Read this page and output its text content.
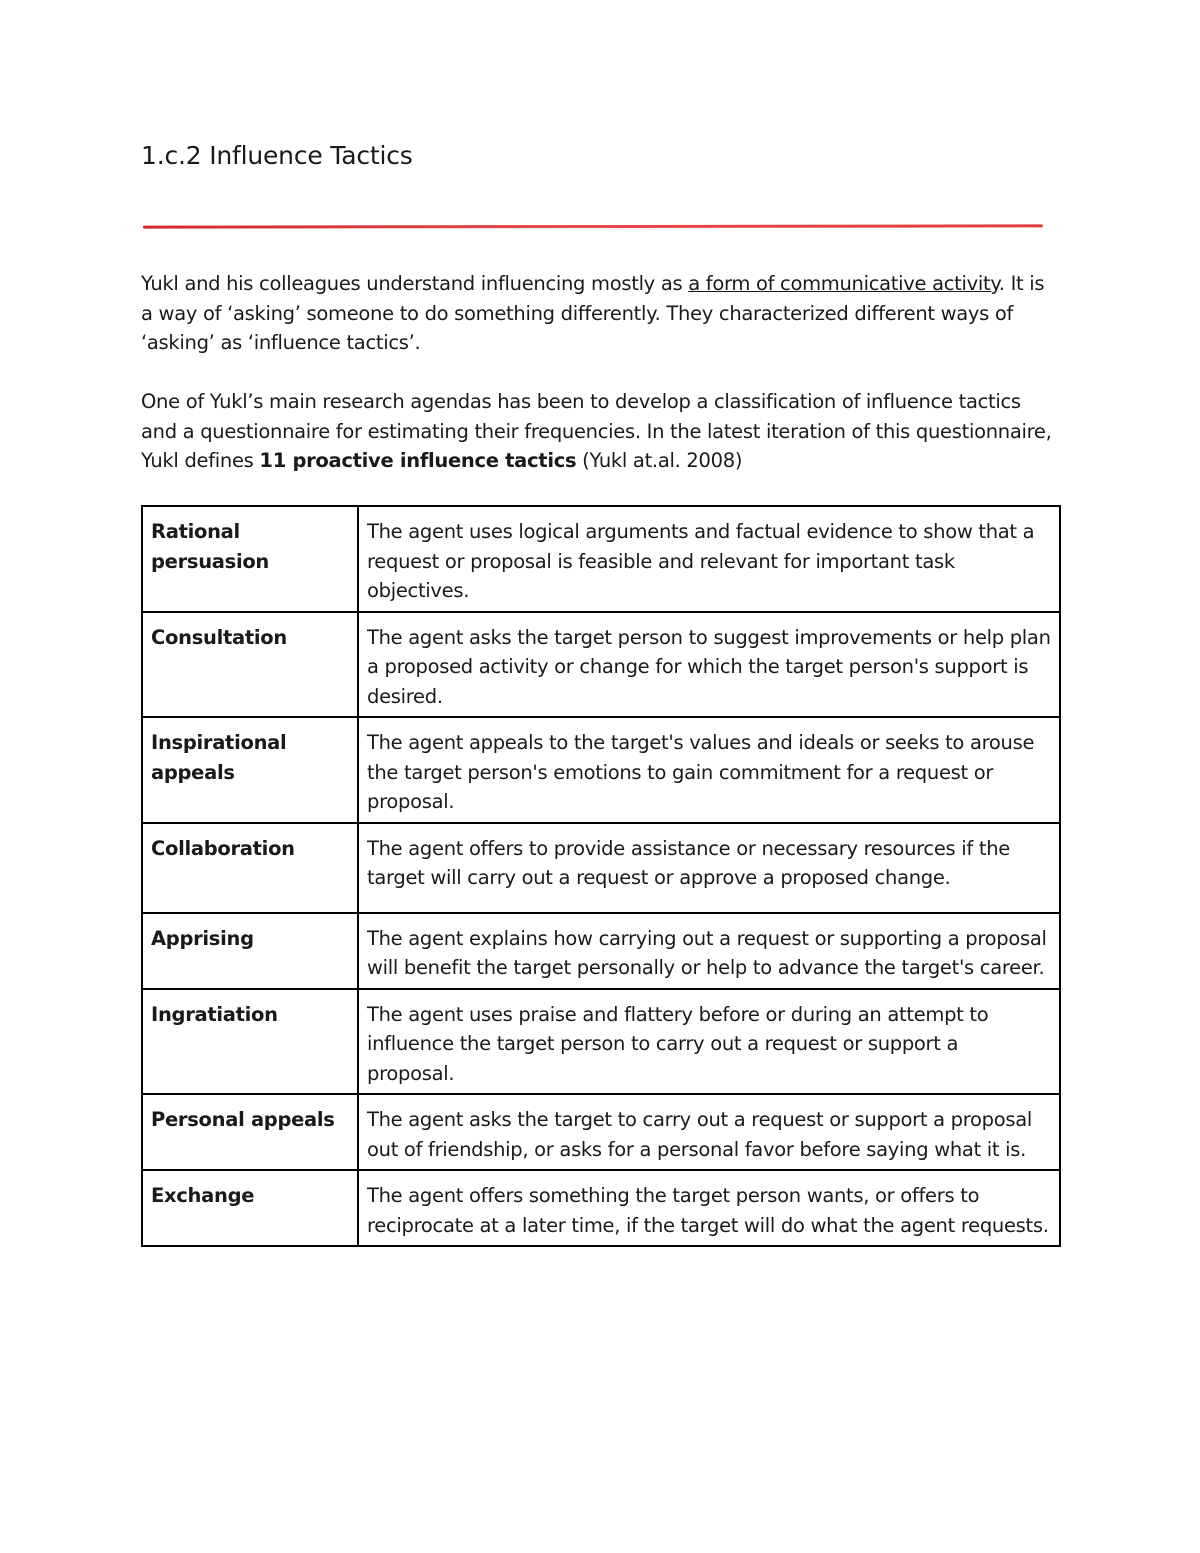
1.c.2 Influence Tactics

Yukl and his colleagues understand influencing mostly as a form of communicative activity. It is a way of ‘asking’ someone to do something differently. They characterized different ways of ‘asking’ as ‘influence tactics’.

One of Yukl’s main research agendas has been to develop a classification of influence tactics and a questionnaire for estimating their frequencies. In the latest iteration of this questionnaire, Yukl defines 11 proactive influence tactics (Yukl at.al. 2008)

Rational persuasion	The agent uses logical arguments and factual evidence to show that a request or proposal is feasible and relevant for important task objectives.
Consultation	The agent asks the target person to suggest improvements or help plan a proposed activity or change for which the target person's support is desired.
Inspirational appeals	The agent appeals to the target's values and ideals or seeks to arouse the target person's emotions to gain commitment for a request or proposal.
Collaboration	The agent offers to provide assistance or necessary resources if the target will carry out a request or approve a proposed change.
Apprising	The agent explains how carrying out a request or supporting a proposal will benefit the target personally or help to advance the target's career.
Ingratiation	The agent uses praise and flattery before or during an attempt to influence the target person to carry out a request or support a proposal.
Personal appeals	The agent asks the target to carry out a request or support a proposal out of friendship, or asks for a personal favor before saying what it is.
Exchange	The agent offers something the target person wants, or offers to reciprocate at a later time, if the target will do what the agent requests.
